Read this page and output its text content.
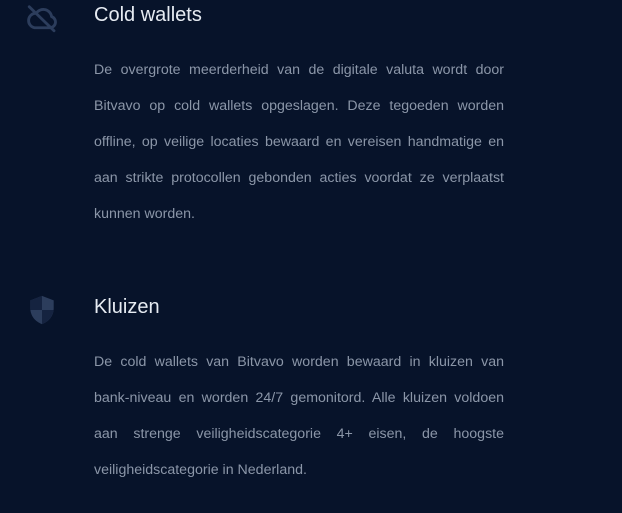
Cold wallets

De overgrote meerderheid van de digitale valuta wordt door Bitvavo op cold wallets opgeslagen. Deze tegoeden worden offline, op veilige locaties bewaard en vereisen handmatige en aan strikte protocollen gebonden acties voordat ze verplaatst kunnen worden.

Kluizen

De cold wallets van Bitvavo worden bewaard in kluizen van bank-niveau en worden 24/7 gemonitord. Alle kluizen voldoen aan strenge veiligheidscategorie 4+ eisen, de hoogste veiligheidscategorie in Nederland.
